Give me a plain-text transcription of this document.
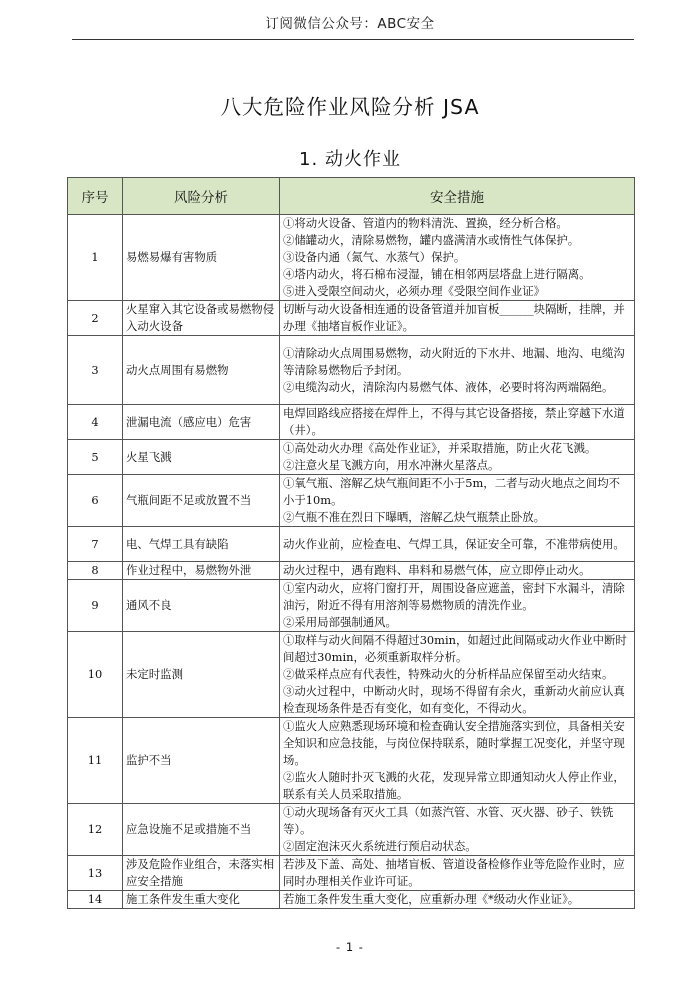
订阅微信公众号：ABC安全
八大危险作业风险分析 JSA
1. 动火作业
序号	风险分析	安全措施
1	易燃易爆有害物质	①将动火设备、管道内的物料清洗、置换，经分析合格。
②储罐动火，清除易燃物，罐内盛满清水或惰性气体保护。
③设备内通（氮气、水蒸气）保护。
④塔内动火，将石棉布浸湿，铺在相邻两层塔盘上进行隔离。
⑤进入受限空间动火，必须办理《受限空间作业证》

2	火星窜入其它设备或易燃物侵入动火设备	切断与动火设备相连通的设备管道并加盲板______块隔断，挂牌，并办理《抽堵盲板作业证》。

3	动火点周围有易燃物	①清除动火点周围易燃物，动火附近的下水井、地漏、地沟、电缆沟等清除易燃物后予封闭。
②电缆沟动火，清除沟内易燃气体、液体，必要时将沟两端隔绝。

4	泄漏电流（感应电）危害	电焊回路线应搭接在焊件上，不得与其它设备搭接，禁止穿越下水道（井）。

5	火星飞溅	①高处动火办理《高处作业证》，并采取措施，防止火花飞溅。
②注意火星飞溅方向，用水冲淋火星落点。

6	气瓶间距不足或放置不当	①氧气瓶、溶解乙炔气瓶间距不小于5m，二者与动火地点之间均不小于10m。
②气瓶不准在烈日下曝晒，溶解乙炔气瓶禁止卧放。

7	电、气焊工具有缺陷	动火作业前，应检查电、气焊工具，保证安全可靠，不准带病使用。

8	作业过程中，易燃物外泄	动火过程中，遇有跑料、串料和易燃气体，应立即停止动火。

9	通风不良	①室内动火，应将门窗打开，周围设备应遮盖，密封下水漏斗，清除油污，附近不得有用溶剂等易燃物质的清洗作业。
②采用局部强制通风。

10	未定时监测	①取样与动火间隔不得超过30min，如超过此间隔或动火作业中断时间超过30min，必须重新取样分析。
②做采样点应有代表性，特殊动火的分析样品应保留至动火结束。
③动火过程中，中断动火时，现场不得留有余火，重新动火前应认真检查现场条件是否有变化，如有变化，不得动火。

11	监护不当	①监火人应熟悉现场环境和检查确认安全措施落实到位，具备相关安全知识和应急技能，与岗位保持联系，随时掌握工况变化，并坚守现场。
②监火人随时扑灭飞溅的火花，发现异常立即通知动火人停止作业，联系有关人员采取措施。

12	应急设施不足或措施不当	①动火现场备有灭火工具（如蒸汽管、水管、灭火器、砂子、铁铣等）。
②固定泡沫灭火系统进行预启动状态。

13	涉及危险作业组合，未落实相应安全措施	若涉及下盖、高处、抽堵盲板、管道设备检修作业等危险作业时，应同时办理相关作业许可证。

14	施工条件发生重大变化	若施工条件发生重大变化，应重新办理《*级动火作业证》。
- 1 -
